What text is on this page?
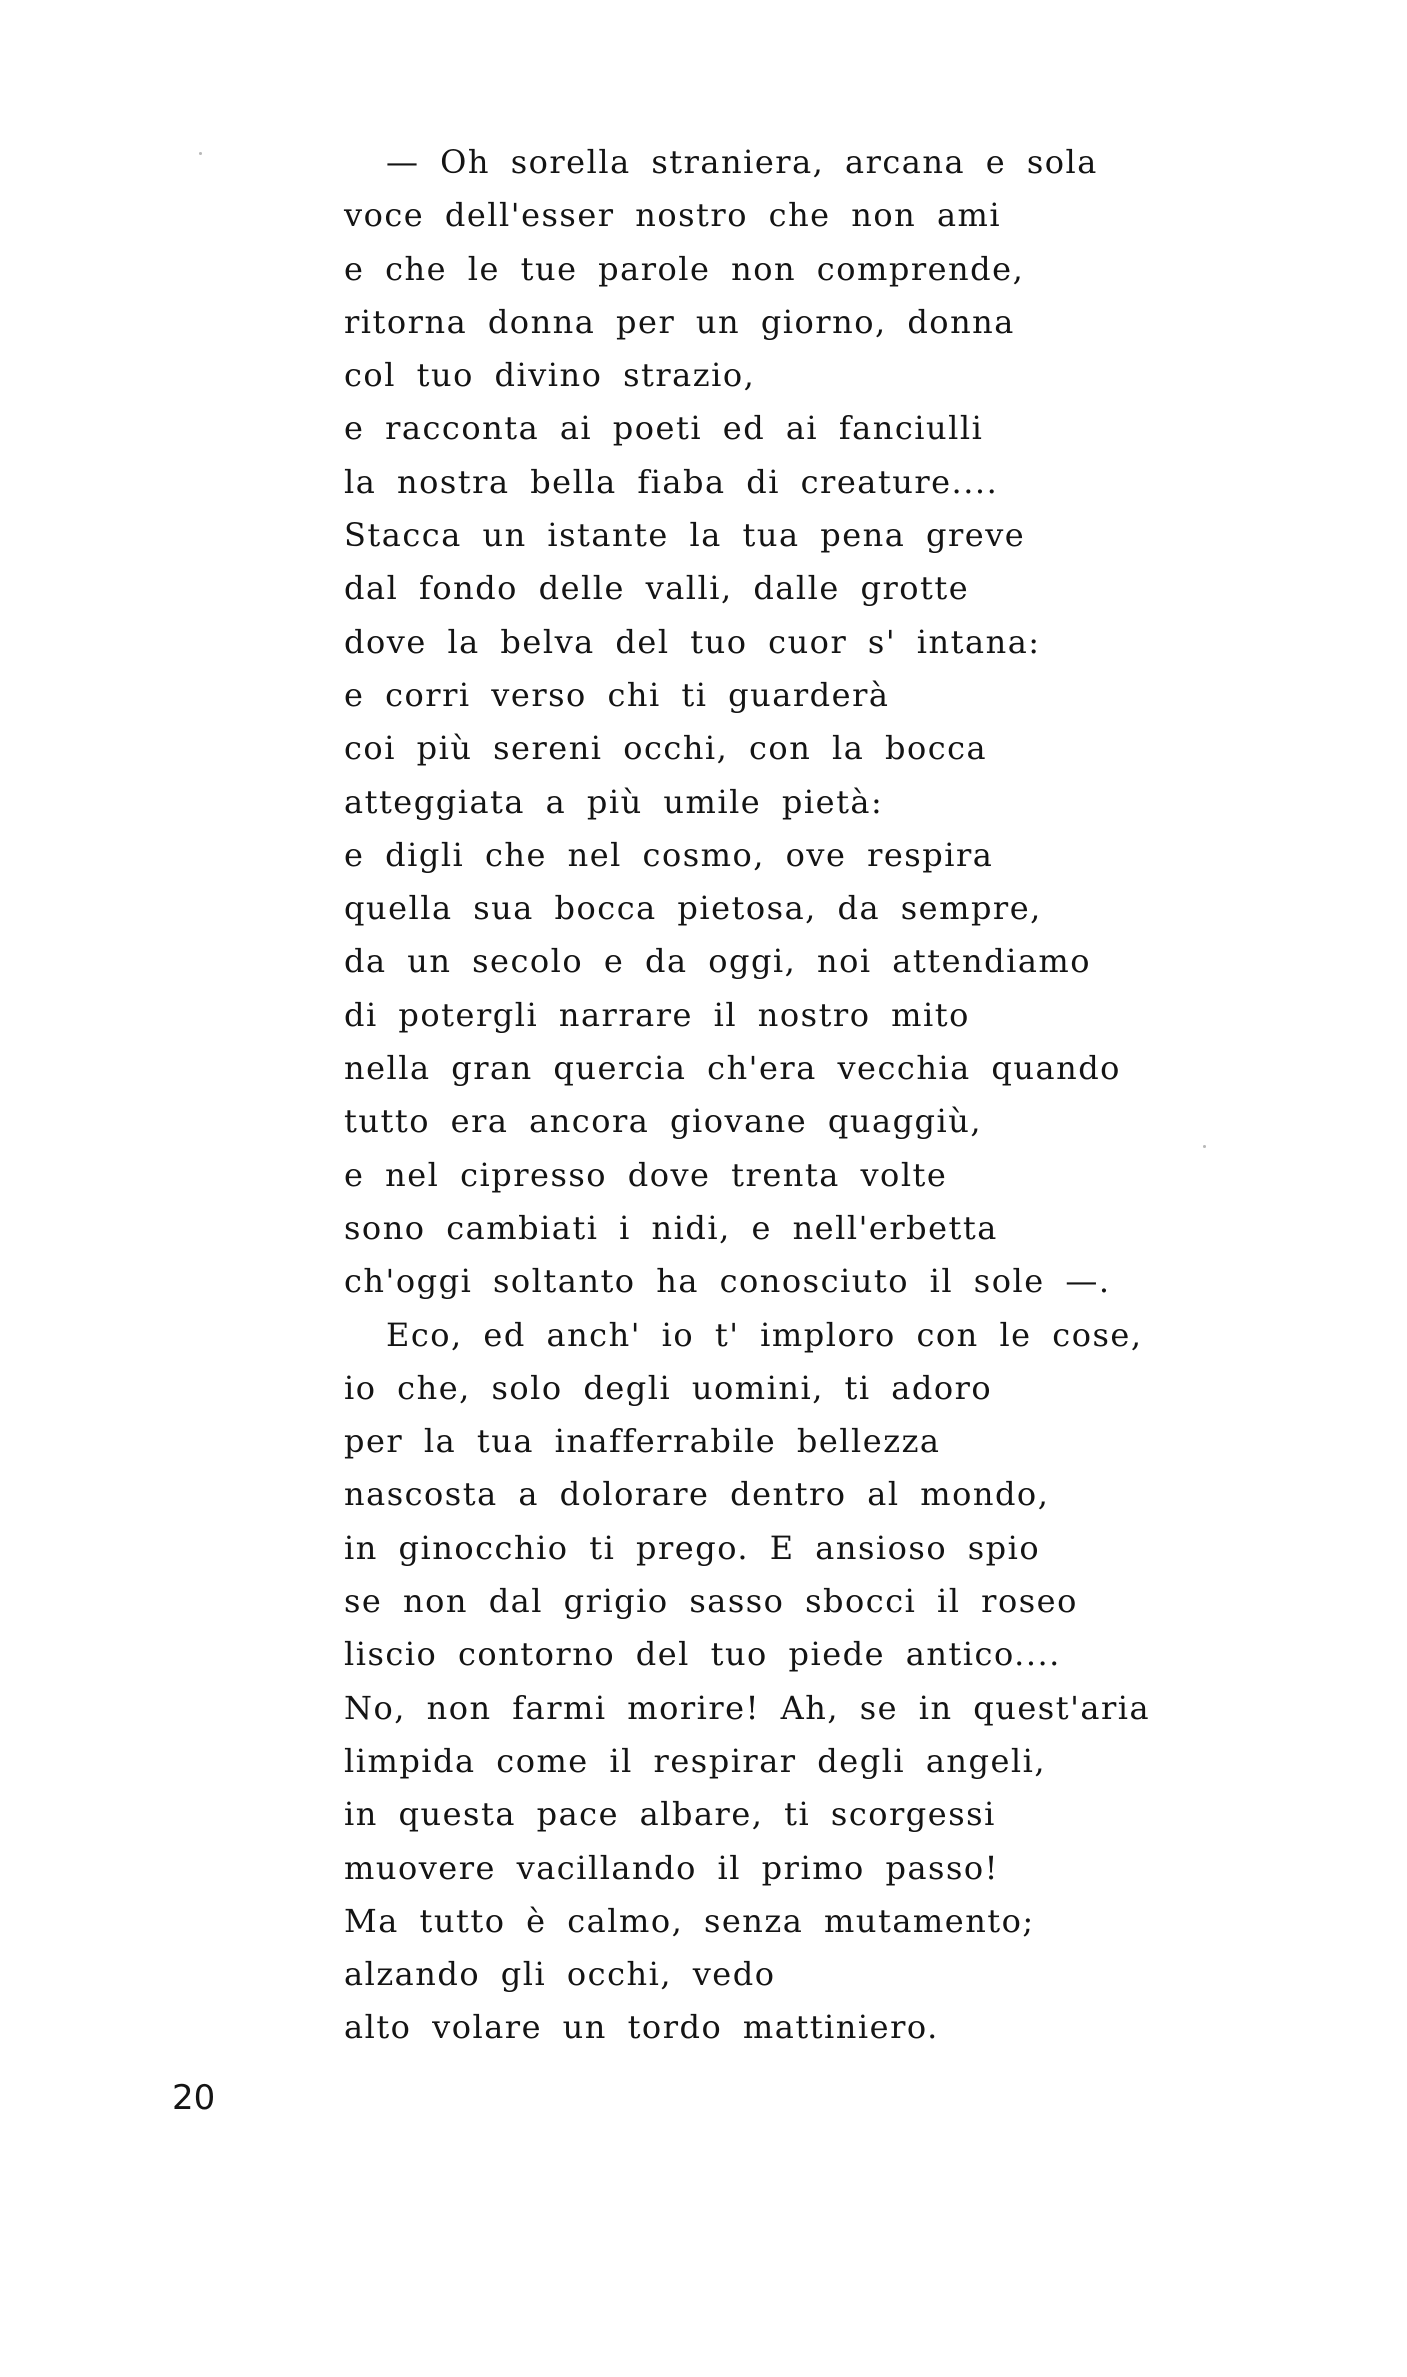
— Oh sorella straniera, arcana e sola
voce dell'esser nostro che non ami
e che le tue parole non comprende,
ritorna donna per un giorno, donna
col tuo divino strazio,
e racconta ai poeti ed ai fanciulli
la nostra bella fiaba di creature....
Stacca un istante la tua pena greve
dal fondo delle valli, dalle grotte
dove la belva del tuo cuor s' intana:
e corri verso chi ti guarderà
coi più sereni occhi, con la bocca
atteggiata a più umile pietà:
e digli che nel cosmo, ove respira
quella sua bocca pietosa, da sempre,
da un secolo e da oggi, noi attendiamo
di potergli narrare il nostro mito
nella gran quercia ch'era vecchia quando
tutto era ancora giovane quaggiù,
e nel cipresso dove trenta volte
sono cambiati i nidi, e nell'erbetta
ch'oggi soltanto ha conosciuto il sole —.
Eco, ed anch' io t' imploro con le cose,
io che, solo degli uomini, ti adoro
per la tua inafferrabile bellezza
nascosta a dolorare dentro al mondo,
in ginocchio ti prego. E ansioso spio
se non dal grigio sasso sbocci il roseo
liscio contorno del tuo piede antico....
No, non farmi morire! Ah, se in quest'aria
limpida come il respirar degli angeli,
in questa pace albare, ti scorgessi
muovere vacillando il primo passo!
Ma tutto è calmo, senza mutamento;
alzando gli occhi, vedo
alto volare un tordo mattiniero.
20
